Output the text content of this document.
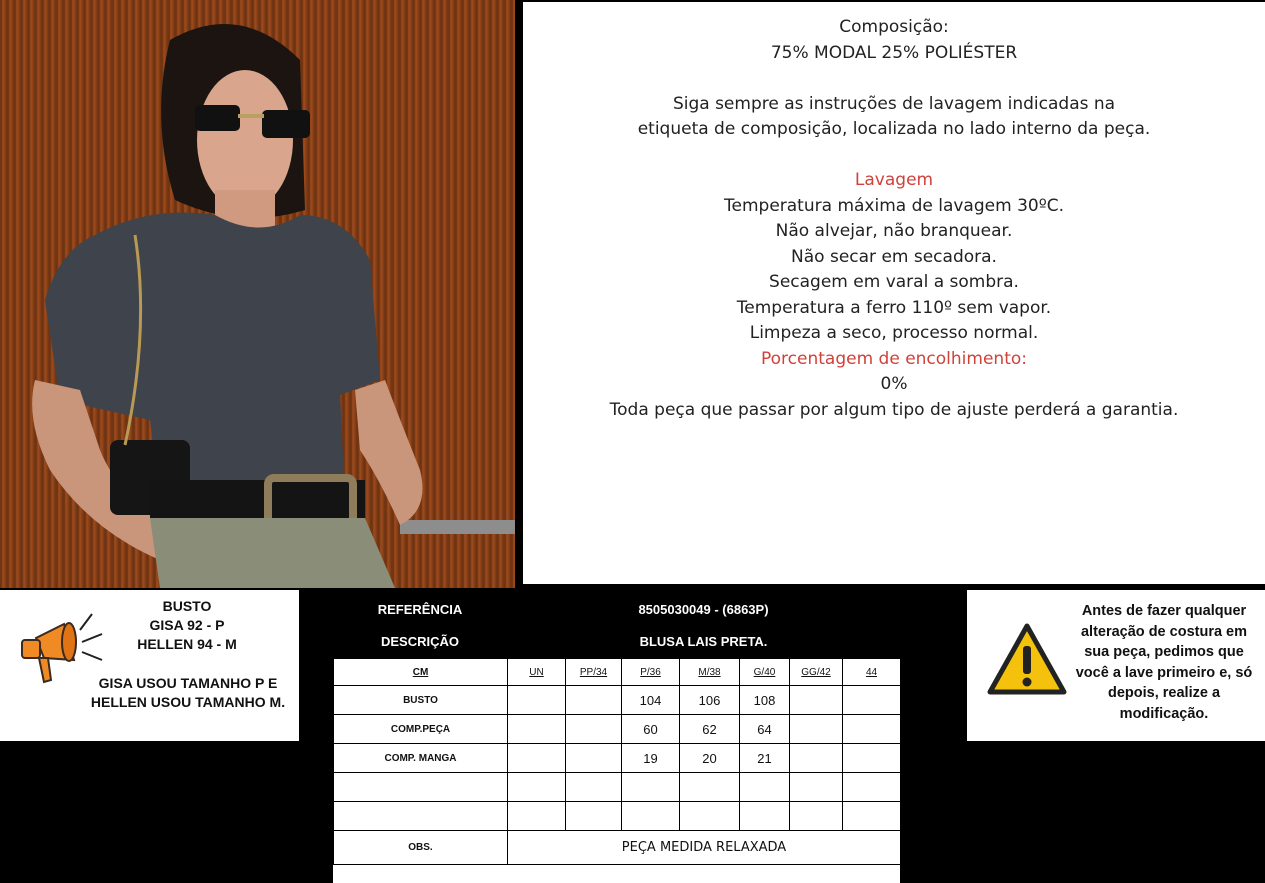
Composição:

75% MODAL 25% POLIÉSTER

Siga sempre as instruções de lavagem indicadas na

etiqueta de composição, localizada no lado interno da peça.

Lavagem

Temperatura máxima de lavagem 30ºC.

Não alvejar, não branquear.

Não secar em secadora.

Secagem em varal a sombra.

Temperatura a ferro 110º sem vapor.

Limpeza a seco, processo normal.

Porcentagem de encolhimento:

0%

Toda peça que passar por algum tipo de ajuste perderá a garantia.

BUSTO
GISA 92 - P
HELLEN 94 - M
GISA USOU TAMANHO P E
HELLEN USOU TAMANHO M.
REFERÊNCIA	8505030049 - (6863P)
DESCRIÇÃO	BLUSA LAIS PRETA.
CM	UN	PP/34	P/36	M/38	G/40	GG/42	44
BUSTO			104	106	108		
COMP.PEÇA			60	62	64		
COMP. MANGA			19	20	21		

OBS.	PEÇA MEDIDA RELAXADA						
Antes de fazer qualquer
alteração de costura em
sua peça, pedimos que
você a lave primeiro e, só
depois, realize a
modificação.
